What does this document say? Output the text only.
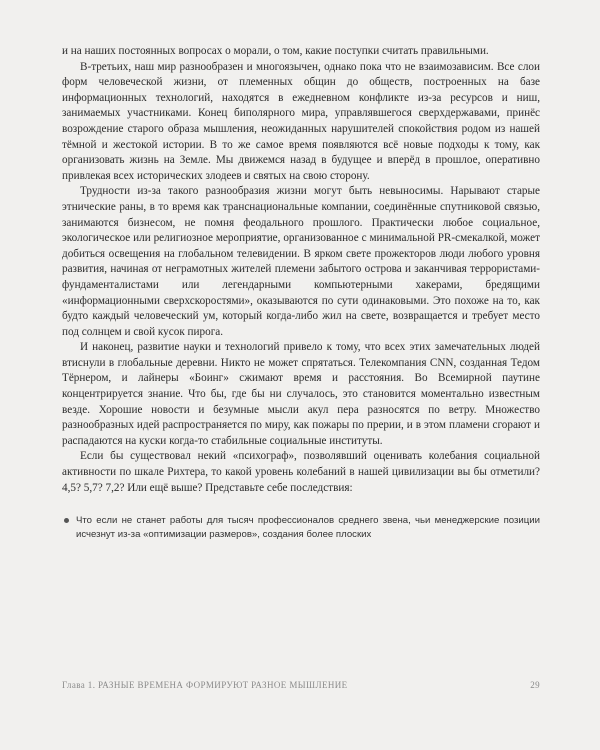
и на наших постоянных вопросах о морали, о том, какие поступки считать правильными.

В-третьих, наш мир разнообразен и многоязычен, однако пока что не взаимозависим. Все слои форм человеческой жизни, от племенных общин до обществ, построенных на базе информационных технологий, находятся в ежедневном конфликте из-за ресурсов и ниш, занимаемых участниками. Конец биполярного мира, управлявшегося сверхдержавами, принёс возрождение старого образа мышления, неожиданных нарушителей спокойствия родом из нашей тёмной и жестокой истории. В то же самое время появляются всё новые подходы к тому, как организовать жизнь на Земле. Мы движемся назад в будущее и вперёд в прошлое, оперативно привлекая всех исторических злодеев и святых на свою сторону.

Трудности из-за такого разнообразия жизни могут быть невыносимы. Нарывают старые этнические раны, в то время как транснациональные компании, соединённые спутниковой связью, занимаются бизнесом, не помня феодального прошлого. Практически любое социальное, экологическое или религиозное мероприятие, организованное с минимальной PR-смекалкой, может добиться освещения на глобальном телевидении. В ярком свете прожекторов люди любого уровня развития, начиная от неграмотных жителей племени забытого острова и заканчивая террористами-фундаменталистами или легендарными компьютерными хакерами, бредящими «информационными сверхскоростями», оказываются по сути одинаковыми. Это похоже на то, как будто каждый человеческий ум, который когда-либо жил на свете, возвращается и требует место под солнцем и свой кусок пирога.

И наконец, развитие науки и технологий привело к тому, что всех этих замечательных людей втиснули в глобальные деревни. Никто не может спрятаться. Телекомпания CNN, созданная Тедом Тёрнером, и лайнеры «Боинг» сжимают время и расстояния. Во Всемирной паутине концентрируется знание. Что бы, где бы ни случалось, это становится моментально известным везде. Хорошие новости и безумные мысли акул пера разносятся по ветру. Множество разнообразных идей распространяется по миру, как пожары по прерии, и в этом пламени сгорают и распадаются на куски когда-то стабильные социальные институты.

Если бы существовал некий «психограф», позволявший оценивать колебания социальной активности по шкале Рихтера, то какой уровень колебаний в нашей цивилизации вы бы отметили? 4,5? 5,7? 7,2? Или ещё выше? Представьте себе последствия:

Что если не станет работы для тысяч профессионалов среднего звена, чьи менеджерские позиции исчезнут из-за «оптимизации размеров», создания более плоских
Глава 1. РАЗНЫЕ ВРЕМЕНА ФОРМИРУЮТ РАЗНОЕ МЫШЛЕНИЕ	29
